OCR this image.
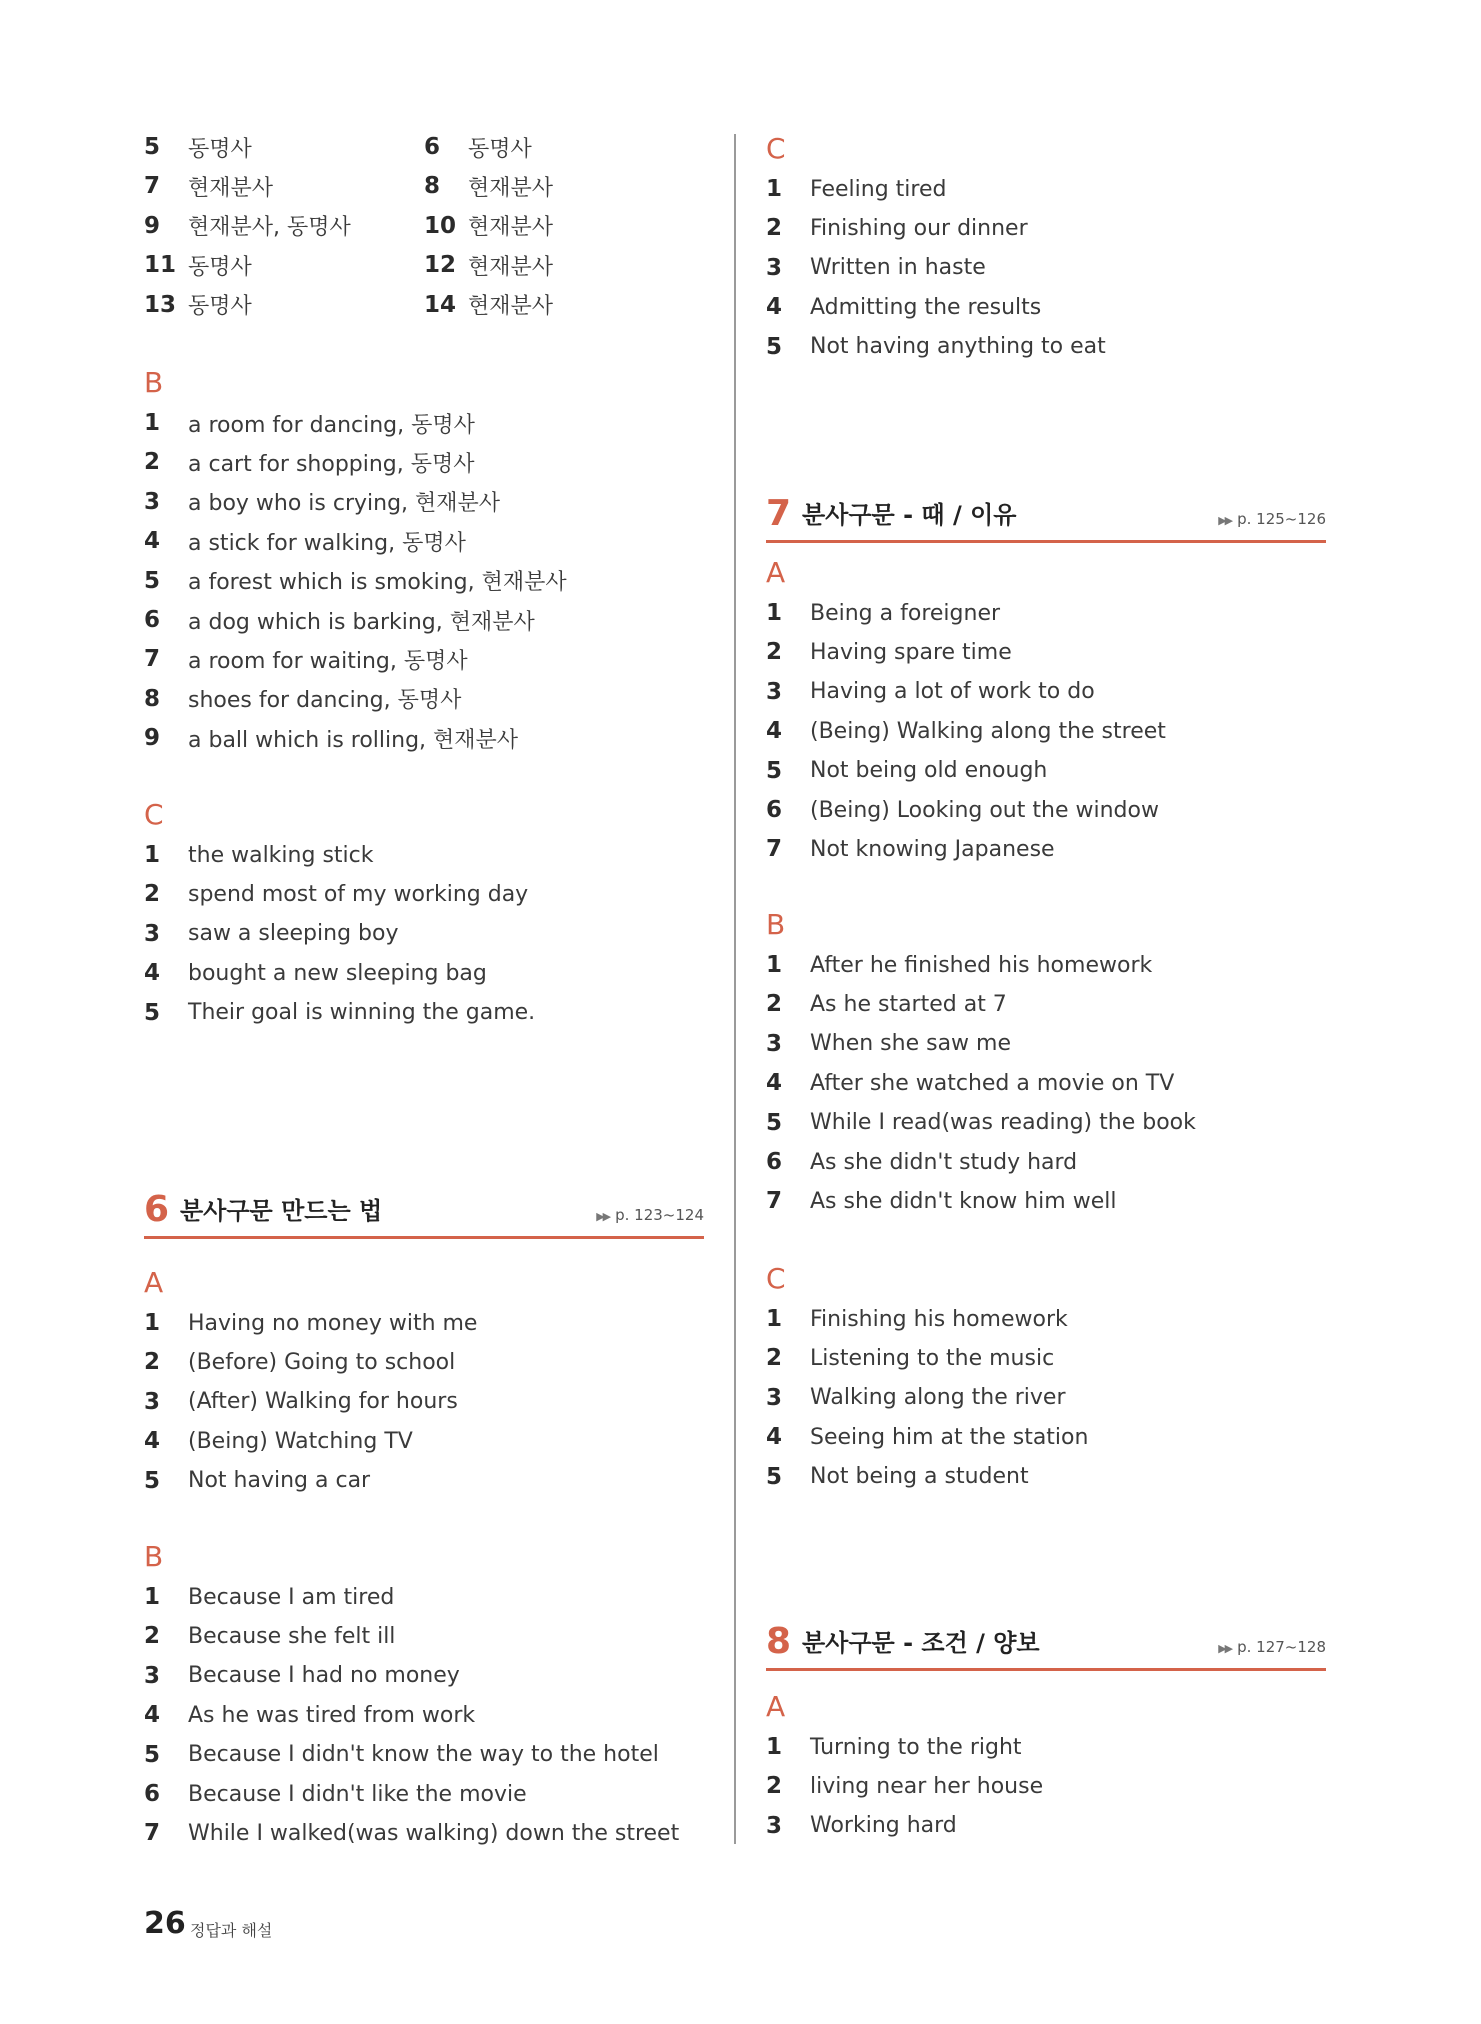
5	동명사	6	동명사
7	현재분사	8	현재분사
9	현재분사, 동명사	10 현재분사
11 동명사	12 현재분사
13 동명사	14 현재분사
B
1	a room for dancing, 동명사
2	a cart for shopping, 동명사
3	a boy who is crying, 현재분사
4	a stick for walking, 동명사
5	a forest which is smoking, 현재분사
6	a dog which is barking, 현재분사
7	a room for waiting, 동명사
8	shoes for dancing, 동명사
9	a ball which is rolling, 현재분사
C
1	the walking stick
2	spend most of my working day
3	saw a sleeping boy
4	bought a new sleeping bag
5	Their goal is winning the game.
6 분사구문 만드는 법	▶▶ p. 123~124
A
1	Having no money with me
2	(Before) Going to school
3	(After) Walking for hours
4	(Being) Watching TV
5	Not having a car
B
1	Because I am tired
2	Because she felt ill
3	Because I had no money
4	As he was tired from work
5	Because I didn't know the way to the hotel
6	Because I didn't like the movie
7	While I walked(was walking) down the street
C
1	Feeling tired
2	Finishing our dinner
3	Written in haste
4	Admitting the results
5	Not having anything to eat
7 분사구문 - 때 / 이유	▶▶ p. 125~126
A
1	Being a foreigner
2	Having spare time
3	Having a lot of work to do
4	(Being) Walking along the street
5	Not being old enough
6	(Being) Looking out the window
7	Not knowing Japanese
B
1	After he finished his homework
2	As he started at 7
3	When she saw me
4	After she watched a movie on TV
5	While I read(was reading) the book
6	As she didn't study hard
7	As she didn't know him well
C
1	Finishing his homework
2	Listening to the music
3	Walking along the river
4	Seeing him at the station
5	Not being a student
8 분사구문 - 조건 / 양보	▶▶ p. 127~128
A
1	Turning to the right
2	living near her house
3	Working hard
26 정답과 해설
